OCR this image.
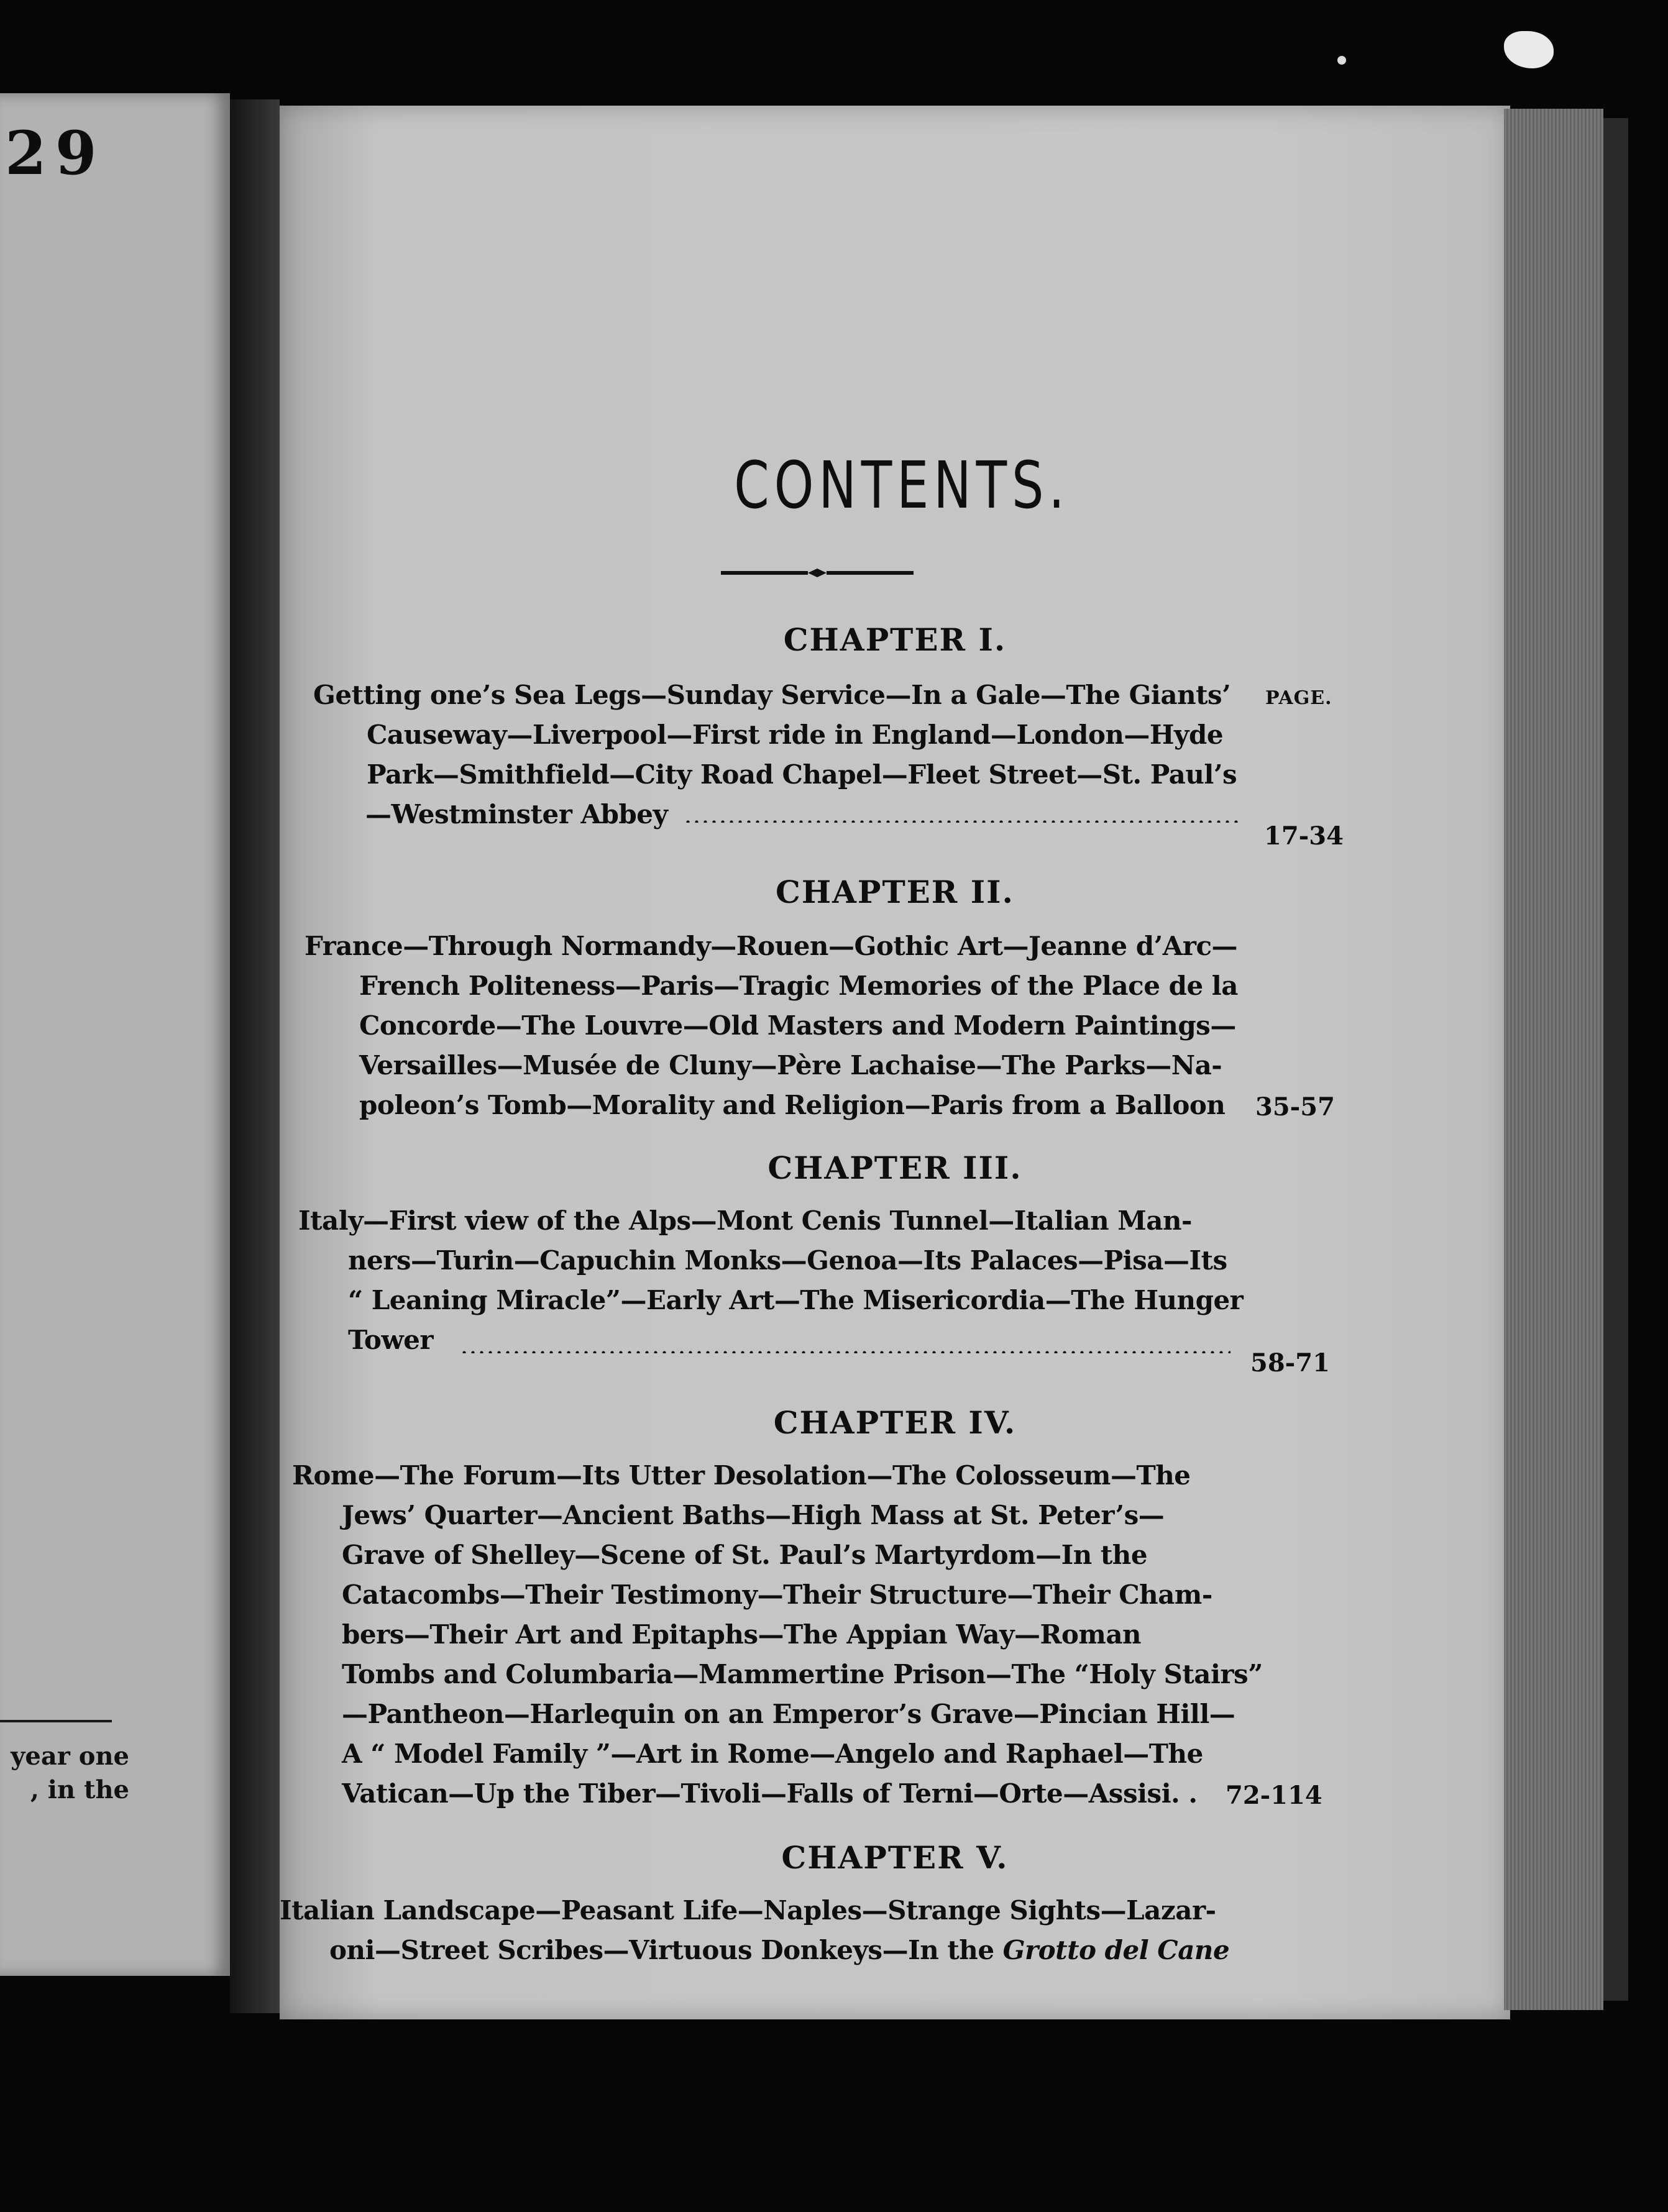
29
year one
, in the
CONTENTS.
CHAPTER I.
PAGE.
Getting one’s Sea Legs—Sunday Service—In a Gale—The Giants’
Causeway—Liverpool—First ride in England—London—Hyde
Park—Smithfield—City Road Chapel—Fleet Street—St. Paul’s
—Westminster Abbey
17-34
CHAPTER II.
France—Through Normandy—Rouen—Gothic Art—Jeanne d’Arc—
French Politeness—Paris—Tragic Memories of the Place de la
Concorde—The Louvre—Old Masters and Modern Paintings—
Versailles—Musée de Cluny—Père Lachaise—The Parks—Na-
poleon’s Tomb—Morality and Religion—Paris from a Balloon 35-57
CHAPTER III.
Italy—First view of the Alps—Mont Cenis Tunnel—Italian Man-
ners—Turin—Capuchin Monks—Genoa—Its Palaces—Pisa—Its
“ Leaning Miracle”—Early Art—The Misericordia—The Hunger
Tower
58-71
CHAPTER IV.
Rome—The Forum—Its Utter Desolation—The Colosseum—The
Jews’ Quarter—Ancient Baths—High Mass at St. Peter’s—
Grave of Shelley—Scene of St. Paul’s Martyrdom—In the
Catacombs—Their Testimony—Their Structure—Their Cham-
bers—Their Art and Epitaphs—The Appian Way—Roman
Tombs and Columbaria—Mammertine Prison—The “Holy Stairs”
—Pantheon—Harlequin on an Emperor’s Grave—Pincian Hill—
A “ Model Family ”—Art in Rome—Angelo and Raphael—The
Vatican—Up the Tiber—Tivoli—Falls of Terni—Orte—Assisi. . 72-114
CHAPTER V.
Italian Landscape—Peasant Life—Naples—Strange Sights—Lazar-
oni—Street Scribes—Virtuous Donkeys—In the Grotto del Cane
